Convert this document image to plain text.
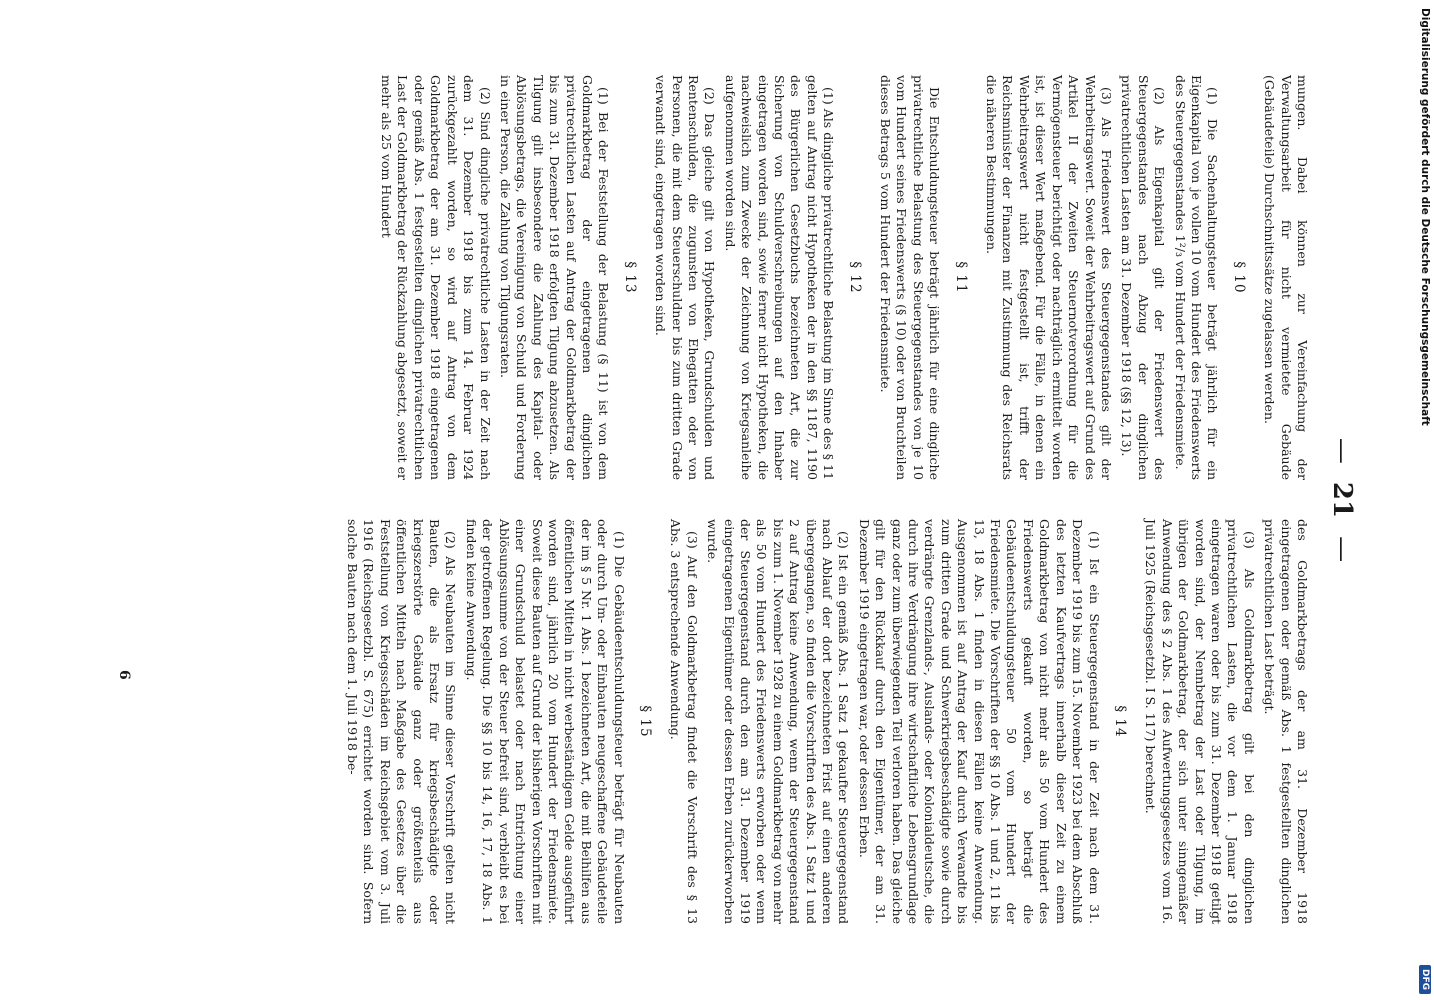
Digitalisierung gefördert durch die Deutsche Forschungsgemeinschaft
DFG
—
21
—

mungen. Dabei können zur Vereinfachung der Verwaltungsarbeit für nicht vermietete Gebäude (Gebäudeteile) Durchschnittssätze zugelassen werden.

§ 10

(1) Die Sachenhaltungsteuer beträgt jährlich für ein Eigenkapital von je vollen 10 vom Hundert des Friedenswerts des Steuergegenstandes 1²/₃ vom Hundert der Friedensmiete.

(2) Als Eigenkapital gilt der Friedenswert des Steuergegenstandes nach Abzug der dinglichen privatrechtlichen Lasten am 31. Dezember 1918 (§§ 12, 13).

(3) Als Friedenswert des Steuergegenstandes gilt der Wehrbeitragswert. Soweit der Wehrbeitragswert auf Grund des Artikel II der Zweiten Steuernotverordnung für die Vermögensteuer berichtigt oder nachträglich ermittelt worden ist, ist dieser Wert maßgebend. Für die Fälle, in denen ein Wehrbeitragswert nicht festgestellt ist, trifft der Reichsminister der Finanzen mit Zustimmung des Reichsrats die näheren Bestimmungen.

§ 11

Die Entschuldungsteuer beträgt jährlich für eine dingliche privatrechtliche Belastung des Steuergegenstandes von je 10 vom Hundert seines Friedenswerts (§ 10) oder von Bruchteilen dieses Betrags 5 vom Hundert der Friedensmiete.

§ 12

(1) Als dingliche privatrechtliche Belastung im Sinne des § 11 gelten auf Antrag nicht Hypotheken der in den §§ 1187, 1190 des Bürgerlichen Gesetzbuchs bezeichneten Art, die zur Sicherung von Schuldverschreibungen auf den Inhaber eingetragen worden sind, sowie ferner nicht Hypotheken, die nachweislich zum Zwecke der Zeichnung von Kriegsanleihe aufgenommen worden sind.

(2) Das gleiche gilt von Hypotheken, Grundschulden und Rentenschulden, die zugunsten von Ehegatten oder von Personen, die mit dem Steuerschuldner bis zum dritten Grade verwandt sind, eingetragen worden sind.

§ 13

(1) Bei der Feststellung der Belastung (§ 11) ist von dem Goldmarkbetrag der eingetragenen dinglichen privatrechtlichen Lasten auf Antrag der Goldmarkbetrag der bis zum 31. Dezember 1918 erfolgten Tilgung abzusetzen. Als Tilgung gilt insbesondere die Zahlung des Kapital- oder Ablösungsbetrags, die Vereinigung von Schuld und Forderung in einer Person, die Zahlung von Tilgungsraten.

(2) Sind dingliche privatrechtliche Lasten in der Zeit nach dem 31. Dezember 1918 bis zum 14. Februar 1924 zurückgezahlt worden, so wird auf Antrag von dem Goldmarkbetrag der am 31. Dezember 1918 eingetragenen oder gemäß Abs. 1 festgestellten dinglichen privatrechtlichen Last der Goldmarkbetrag der Rückzahlung abgesetzt, soweit er mehr als 25 vom Hundert

des Goldmarkbetrags der am 31. Dezember 1918 eingetragenen oder gemäß Abs. 1 festgestellten dinglichen privatrechtlichen Last beträgt.

(3) Als Goldmarkbetrag gilt bei den dinglichen privatrechtlichen Lasten, die vor dem 1. Januar 1918 eingetragen waren oder bis zum 31. Dezember 1918 getilgt worden sind, der Nennbetrag der Last oder Tilgung, im übrigen der Goldmarkbetrag, der sich unter sinngemäßer Anwendung des § 2 Abs. 1 des Aufwertungsgesetzes vom 16. Juli 1925 (Reichsgesetzbl. I S. 117) berechnet.

§ 14

(1) Ist ein Steuergegenstand in der Zeit nach dem 31. Dezember 1919 bis zum 15. November 1923 bei dem Abschluß des letzten Kaufvertrags innerhalb dieser Zeit zu einem Goldmarkbetrag von nicht mehr als 50 vom Hundert des Friedenswerts gekauft worden, so beträgt die Gebäudeentschuldungsteuer 50 vom Hundert der Friedensmiete. Die Vorschriften der §§ 10 Abs. 1 und 2, 11 bis 13, 18 Abs. 1 finden in diesen Fällen keine Anwendung. Ausgenommen ist auf Antrag der Kauf durch Verwandte bis zum dritten Grade und Schwerkriegsbeschädigte sowie durch verdrängte Grenzlands-, Auslands- oder Kolonialdeutsche, die durch ihre Verdrängung ihre wirtschaftliche Lebensgrundlage ganz oder zum überwiegenden Teil verloren haben. Das gleiche gilt für den Rückkauf durch den Eigentümer, der am 31. Dezember 1919 eingetragen war, oder dessen Erben.

(2) Ist ein gemäß Abs. 1 Satz 1 gekaufter Steuergegenstand nach Ablauf der dort bezeichneten Frist auf einen anderen übergegangen, so finden die Vorschriften des Abs. 1 Satz 1 und 2 auf Antrag keine Anwendung, wenn der Steuergegenstand bis zum 1. November 1928 zu einem Goldmarkbetrag von mehr als 50 vom Hundert des Friedenswerts erworben oder wenn der Steuergegenstand durch den am 31. Dezember 1919 eingetragenen Eigentümer oder dessen Erben zurückerworben wurde.

(3) Auf den Goldmarkbetrag findet die Vorschrift des § 13 Abs. 3 entsprechende Anwendung.

§ 15

(1) Die Gebäudeentschuldungsteuer beträgt für Neubauten oder durch Um- oder Einbauten neugeschaffene Gebäudeteile der im § 5 Nr. 1 Abs. 1 bezeichneten Art, die mit Beihilfen aus öffentlichen Mitteln in nicht werbeständigem Gelde ausgeführt worden sind, jährlich 20 vom Hundert der Friedensmiete. Soweit diese Bauten auf Grund der bisherigen Vorschriften mit einer Grundschuld belastet oder nach Entrichtung einer Ablösungssumme von der Steuer befreit sind, verbleibt es bei der getroffenen Regelung. Die §§ 10 bis 14, 16, 17, 18 Abs. 1 finden keine Anwendung.

(2) Als Neubauten im Sinne dieser Vorschrift gelten nicht Bauten, die als Ersatz für kriegsbeschädigte oder kriegszerstörte Gebäude ganz oder größtenteils aus öffentlichen Mitteln nach Maßgabe des Gesetzes über die Feststellung von Kriegsschäden im Reichsgebiet vom 3. Juli 1916 (Reichsgesetzbl. S. 675) errichtet worden sind. Sofern solche Bauten nach dem 1. Juli 1918 be-

6
